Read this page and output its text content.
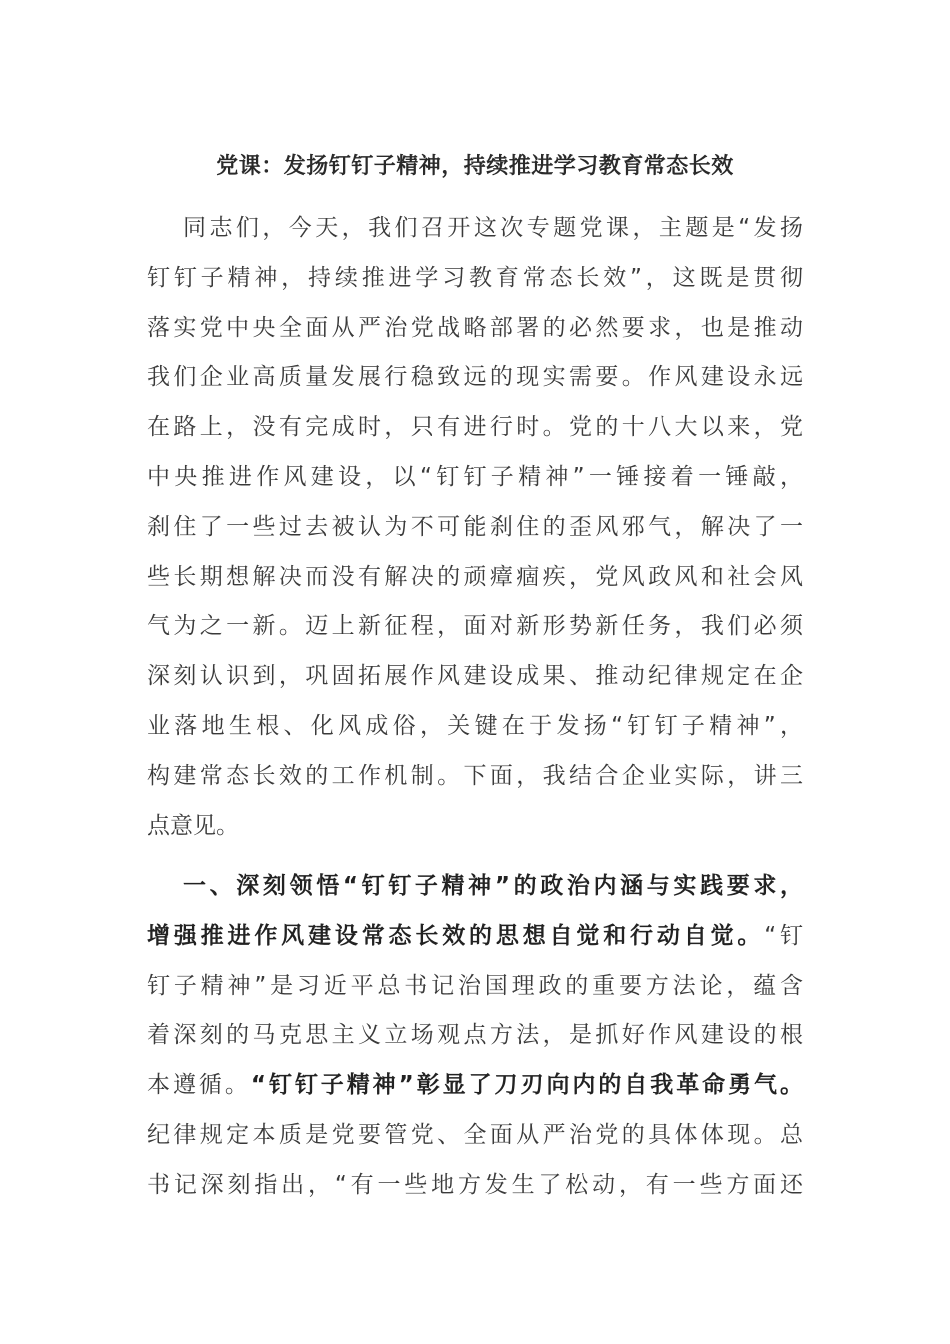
党课：发扬钉钉子精神，持续推进学习教育常态长效
同志们，今天，我们召开这次专题党课，主题是“发扬
钉钉子精神，持续推进学习教育常态长效”，这既是贯彻
落实党中央全面从严治党战略部署的必然要求，也是推动
我们企业高质量发展行稳致远的现实需要。作风建设永远
在路上，没有完成时，只有进行时。党的十八大以来，党
中央推进作风建设，以“钉钉子精神”一锤接着一锤敲，
刹住了一些过去被认为不可能刹住的歪风邪气，解决了一
些长期想解决而没有解决的顽瘴痼疾，党风政风和社会风
气为之一新。迈上新征程，面对新形势新任务，我们必须
深刻认识到，巩固拓展作风建设成果、推动纪律规定在企
业落地生根、化风成俗，关键在于发扬“钉钉子精神”，
构建常态长效的工作机制。下面，我结合企业实际，讲三
点意见。
一、深刻领悟“钉钉子精神”的政治内涵与实践要求，
增强推进作风建设常态长效的思想自觉和行动自觉。“钉
钉子精神”是习近平总书记治国理政的重要方法论，蕴含
着深刻的马克思主义立场观点方法，是抓好作风建设的根
本遵循。“钉钉子精神”彰显了刀刃向内的自我革命勇气。
纪律规定本质是党要管党、全面从严治党的具体体现。总
书记深刻指出，“有一些地方发生了松动，有一些方面还
